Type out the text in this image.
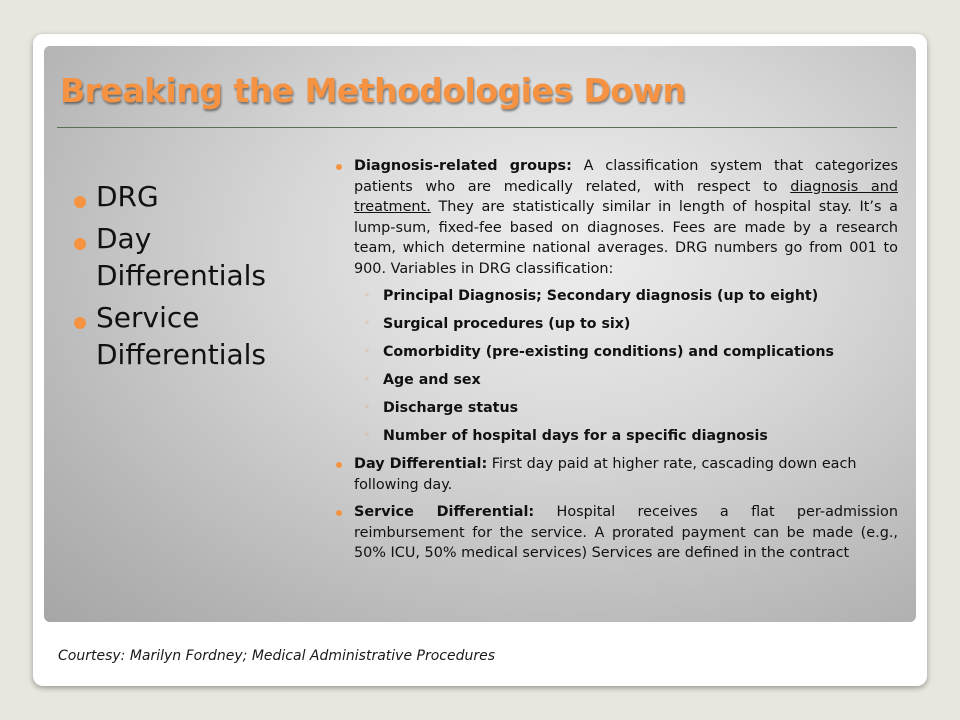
Breaking the Methodologies Down
DRG
Day Differentials
Service Differentials

Diagnosis-related groups: A classification system that categorizes patients who are medically related, with respect to diagnosis and treatment. They are statistically similar in length of hospital stay. It’s a lump-sum, fixed-fee based on diagnoses. Fees are made by a research team, which determine national averages. DRG numbers go from 001 to 900. Variables in DRG classification:

◦ Principal Diagnosis; Secondary diagnosis (up to eight)
◦ Surgical procedures (up to six)
◦ Comorbidity (pre-existing conditions) and complications
◦ Age and sex
◦ Discharge status
◦ Number of hospital days for a specific diagnosis

Day Differential: First day paid at higher rate, cascading down each following day.

Service Differential: Hospital receives a flat per-admission reimbursement for the service. A prorated payment can be made (e.g., 50% ICU, 50% medical services) Services are defined in the contract

Courtesy: Marilyn Fordney; Medical Administrative Procedures
